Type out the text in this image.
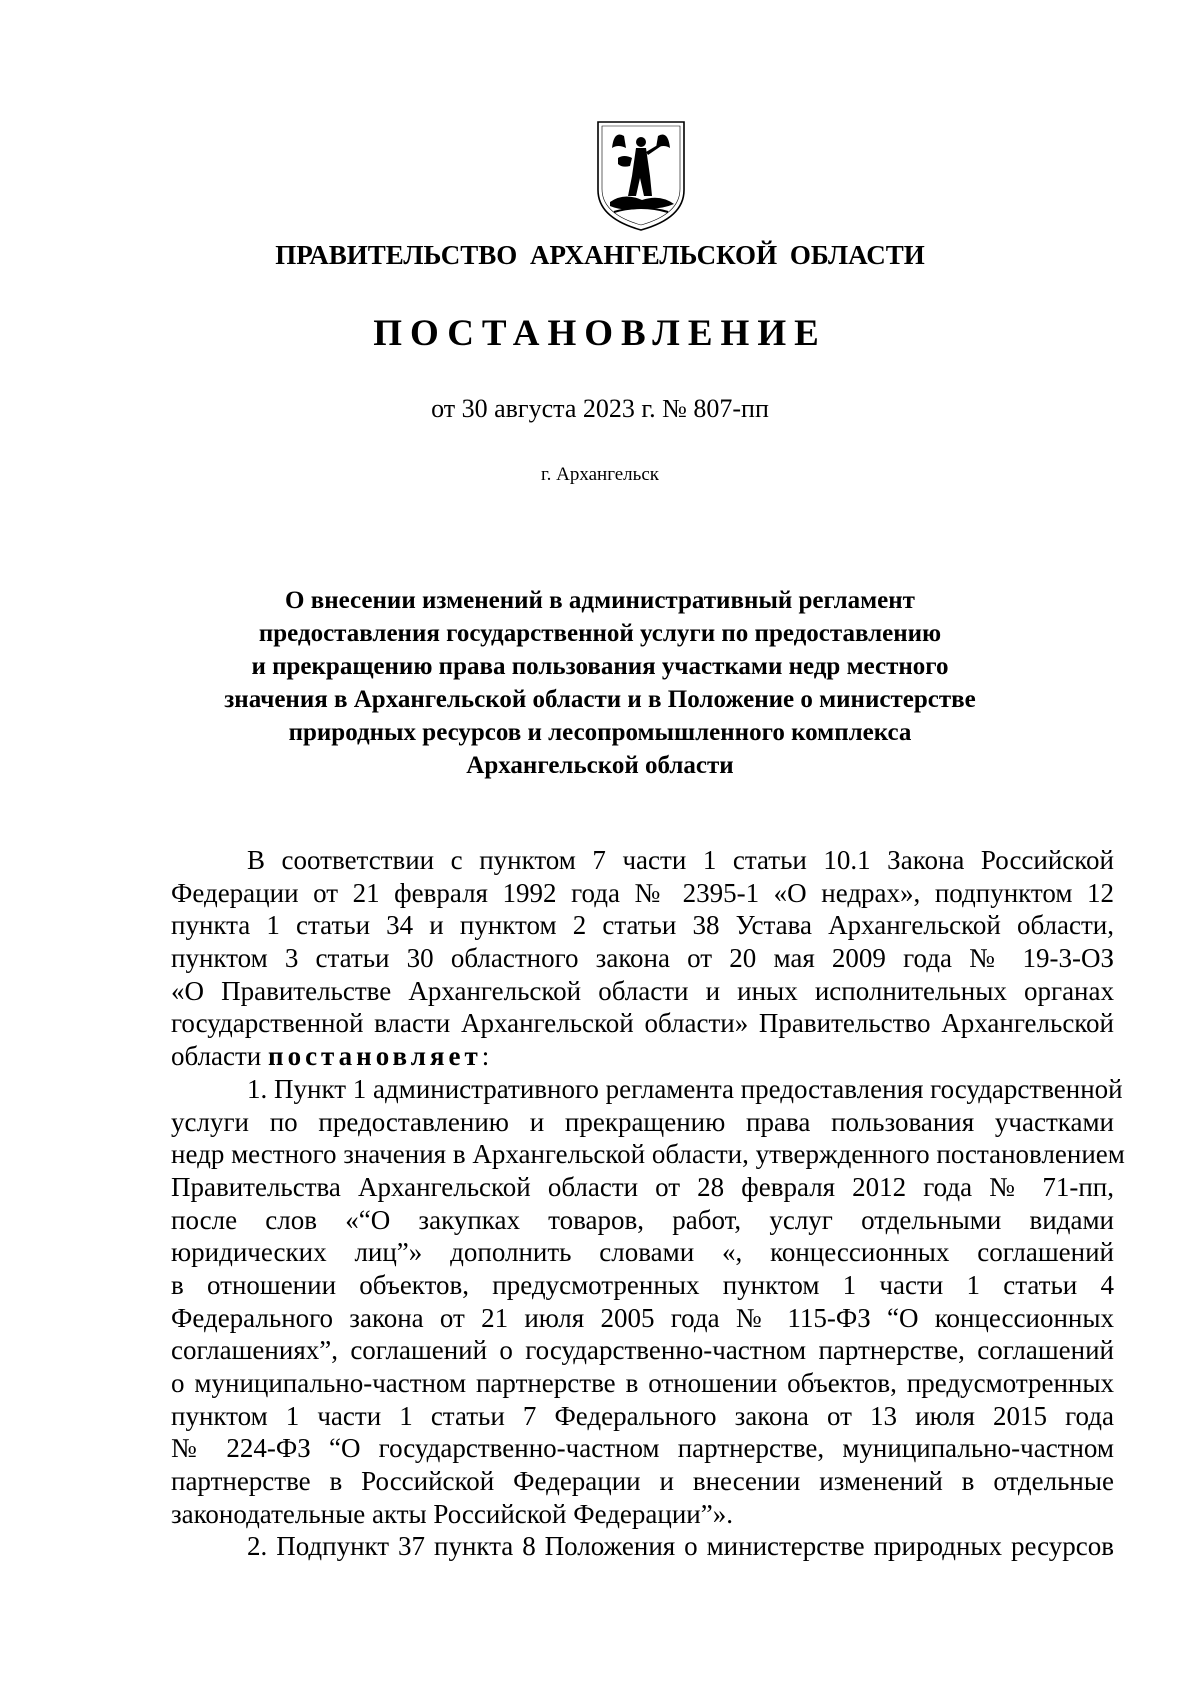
ПРАВИТЕЛЬСТВО АРХАНГЕЛЬСКОЙ ОБЛАСТИ
ПОСТАНОВЛЕНИЕ
от 30 августа 2023 г. № 807-пп
г. Архангельск
О внесении изменений в административный регламент
предоставления государственной услуги по предоставлению
и прекращению права пользования участками недр местного
значения в Архангельской области и в Положение о министерстве
природных ресурсов и лесопромышленного комплекса
Архангельской области
В соответствии с пунктом 7 части 1 статьи 10.1 Закона Российской
Федерации от 21 февраля 1992 года № 2395-1 «О недрах», подпунктом 12
пункта 1 статьи 34 и пунктом 2 статьи 38 Устава Архангельской области,
пунктом 3 статьи 30 областного закона от 20 мая 2009 года № 19-3-ОЗ
«О Правительстве Архангельской области и иных исполнительных органах
государственной власти Архангельской области» Правительство Архангельской
области постановляет:
1. Пункт 1 административного регламента предоставления государственной
услуги по предоставлению и прекращению права пользования участками
недр местного значения в Архангельской области, утвержденного постановлением
Правительства Архангельской области от 28 февраля 2012 года № 71-пп,
после слов «“О закупках товаров, работ, услуг отдельными видами
юридических лиц”» дополнить словами «, концессионных соглашений
в отношении объектов, предусмотренных пунктом 1 части 1 статьи 4
Федерального закона от 21 июля 2005 года № 115-ФЗ “О концессионных
соглашениях”, соглашений о государственно-частном партнерстве, соглашений
о муниципально-частном партнерстве в отношении объектов, предусмотренных
пунктом 1 части 1 статьи 7 Федерального закона от 13 июля 2015 года
№ 224-ФЗ “О государственно-частном партнерстве, муниципально-частном
партнерстве в Российской Федерации и внесении изменений в отдельные
законодательные акты Российской Федерации”».
2. Подпункт 37 пункта 8 Положения о министерстве природных ресурсов
